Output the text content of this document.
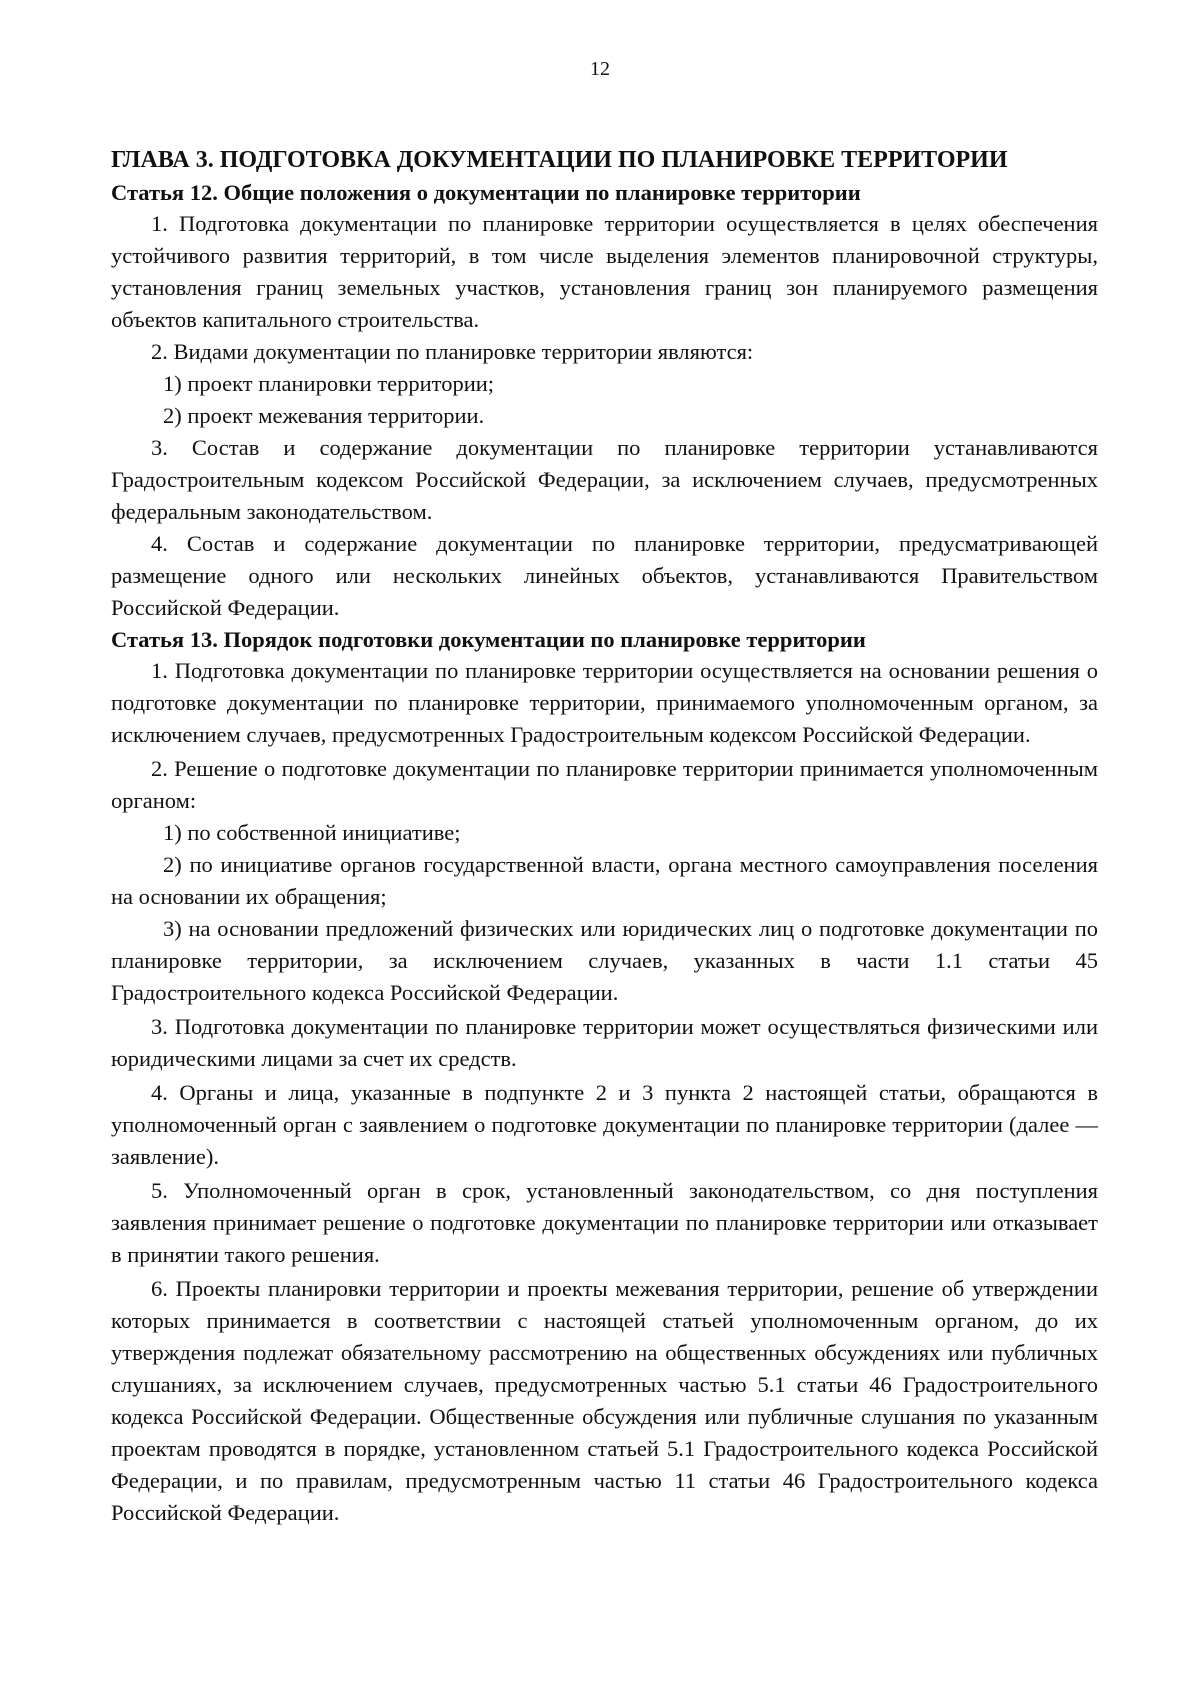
12
ГЛАВА 3. ПОДГОТОВКА ДОКУМЕНТАЦИИ ПО ПЛАНИРОВКЕ ТЕРРИТОРИИ
Статья 12. Общие положения о документации по планировке территории

1. Подготовка документации по планировке территории осуществляется в целях обеспечения устойчивого развития территорий, в том числе выделения элементов планировочной структуры, установления границ земельных участков, установления границ зон планируемого размещения объектов капитального строительства.

2. Видами документации по планировке территории являются:

1) проект планировки территории;

2) проект межевания территории.

3. Состав и содержание документации по планировке территории устанавливаются Градостроительным кодексом Российской Федерации, за исключением случаев, предусмотренных федеральным законодательством.

4. Состав и содержание документации по планировке территории, предусматривающей размещение одного или нескольких линейных объектов, устанавливаются Правительством Российской Федерации.

Статья 13. Порядок подготовки документации по планировке территории

1. Подготовка документации по планировке территории осуществляется на основании решения о подготовке документации по планировке территории, принимаемого уполномоченным органом, за исключением случаев, предусмотренных Градостроительным кодексом Российской Федерации.

2. Решение о подготовке документации по планировке территории принимается уполномоченным органом:

1) по собственной инициативе;

2) по инициативе органов государственной власти, органа местного самоуправления поселения на основании их обращения;

3) на основании предложений физических или юридических лиц о подготовке документации по планировке территории, за исключением случаев, указанных в части 1.1 статьи 45 Градостроительного кодекса Российской Федерации.

3. Подготовка документации по планировке территории может осуществляться физическими или юридическими лицами за счет их средств.

4. Органы и лица, указанные в подпункте 2 и 3 пункта 2 настоящей статьи, обращаются в уполномоченный орган с заявлением о подготовке документации по планировке территории (далее — заявление).

5. Уполномоченный орган в срок, установленный законодательством, со дня поступления заявления принимает решение о подготовке документации по планировке территории или отказывает в принятии такого решения.

6. Проекты планировки территории и проекты межевания территории, решение об утверждении которых принимается в соответствии с настоящей статьей уполномоченным органом, до их утверждения подлежат обязательному рассмотрению на общественных обсуждениях или публичных слушаниях, за исключением случаев, предусмотренных частью 5.1 статьи 46 Градостроительного кодекса Российской Федерации. Общественные обсуждения или публичные слушания по указанным проектам проводятся в порядке, установленном статьей 5.1 Градостроительного кодекса Российской Федерации, и по правилам, предусмотренным частью 11 статьи 46 Градостроительного кодекса Российской Федерации.
